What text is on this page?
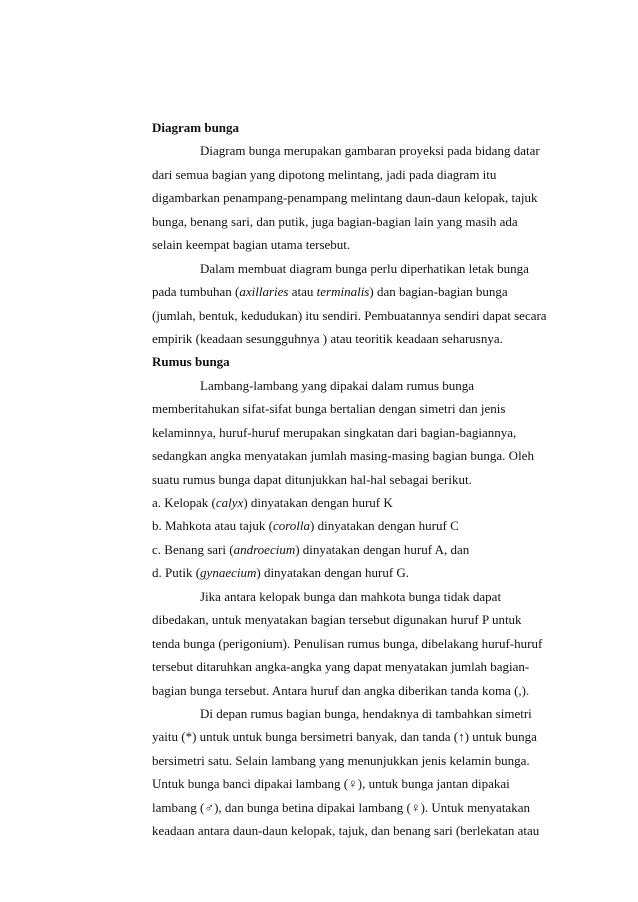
Diagram bunga
Diagram bunga merupakan gambaran proyeksi pada bidang datar
dari semua bagian yang dipotong melintang, jadi pada diagram itu
digambarkan penampang-penampang melintang daun-daun kelopak, tajuk
bunga, benang sari, dan putik, juga bagian-bagian lain yang masih ada
selain keempat bagian utama tersebut.
Dalam membuat diagram bunga perlu diperhatikan letak bunga
pada tumbuhan (axillaries atau terminalis) dan bagian-bagian bunga
(jumlah, bentuk, kedudukan) itu sendiri. Pembuatannya sendiri dapat secara
empirik (keadaan sesungguhnya ) atau teoritik keadaan seharusnya.
Rumus bunga
Lambang-lambang yang dipakai dalam rumus bunga
memberitahukan sifat-sifat bunga bertalian dengan simetri dan jenis
kelaminnya, huruf-huruf merupakan singkatan dari bagian-bagiannya,
sedangkan angka menyatakan jumlah masing-masing bagian bunga. Oleh
suatu rumus bunga dapat ditunjukkan hal-hal sebagai berikut.
a. Kelopak (calyx) dinyatakan dengan huruf K
b. Mahkota atau tajuk (corolla) dinyatakan dengan huruf C
c. Benang sari (androecium) dinyatakan dengan huruf A, dan
d. Putik (gynaecium) dinyatakan dengan huruf G.
Jika antara kelopak bunga dan mahkota bunga tidak dapat
dibedakan, untuk menyatakan bagian tersebut digunakan huruf P untuk
tenda bunga (perigonium). Penulisan rumus bunga, dibelakang huruf-huruf
tersebut ditaruhkan angka-angka yang dapat menyatakan jumlah bagian-
bagian bunga tersebut. Antara huruf dan angka diberikan tanda koma (,).
Di depan rumus bagian bunga, hendaknya di tambahkan simetri
yaitu (*) untuk untuk bunga bersimetri banyak, dan tanda (↑) untuk bunga
bersimetri satu. Selain lambang yang menunjukkan jenis kelamin bunga.
Untuk bunga banci dipakai lambang (♀), untuk bunga jantan dipakai
lambang (♂), dan bunga betina dipakai lambang (♀). Untuk menyatakan
keadaan antara daun-daun kelopak, tajuk, dan benang sari (berlekatan atau
